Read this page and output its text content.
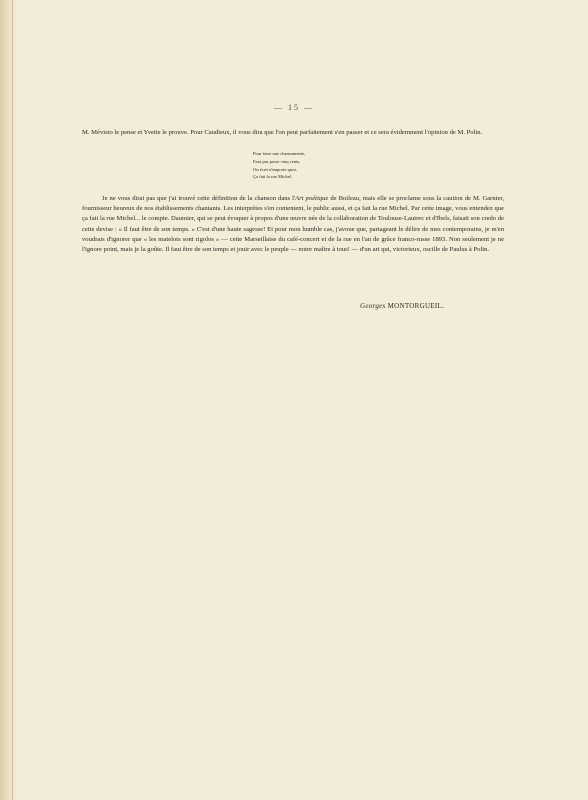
— 15 —

M. Mévisto le pense et Yvette le prouve. Pour Caudieux, il vous dira que l'on peut parfaitement s'en passer et ce sera évidemment l'opinion de M. Polin.

Pour faire une chansonnette,
Faut pas poser cinq cents,
On écrit n'importe quoi,
Ça fait la rue Michel.

Je ne vous dirai pas que j'ai trouvé cette définition de la chanson dans l'Art poétique de Boileau, mais elle se proclame sous la caution de M. Garnier, fournisseur heureux de nos établissements chantants. Les interprètes s'en contentent, le public aussi, et ça fait la rue Michel. Par cette image, vous entendez que ça fait la rue Michel... le compte. Daumier, qui se peut évoquer à propos d'une œuvre née de la collaboration de Toulouse-Lautrec et d'Ibels, faisait son credo de cette devise : « Il faut être de son temps. » C'est d'une haute sagesse! Et pour mon humble cas, j'avoue que, partageant le délire de mes contemporains, je m'en voudrais d'ignorer que « les matelots sont rigolos » — cette Marseillaise du café-concert et de la rue en l'an de grâce franco-russe 1893. Non seulement je ne l'ignore point, mais je la goûte. Il faut être de son temps et jouir avec le peuple — notre maître à tous! — d'un art qui, victorieux, oscille de Paulus à Polin.

Georges MONTORGUEIL.
